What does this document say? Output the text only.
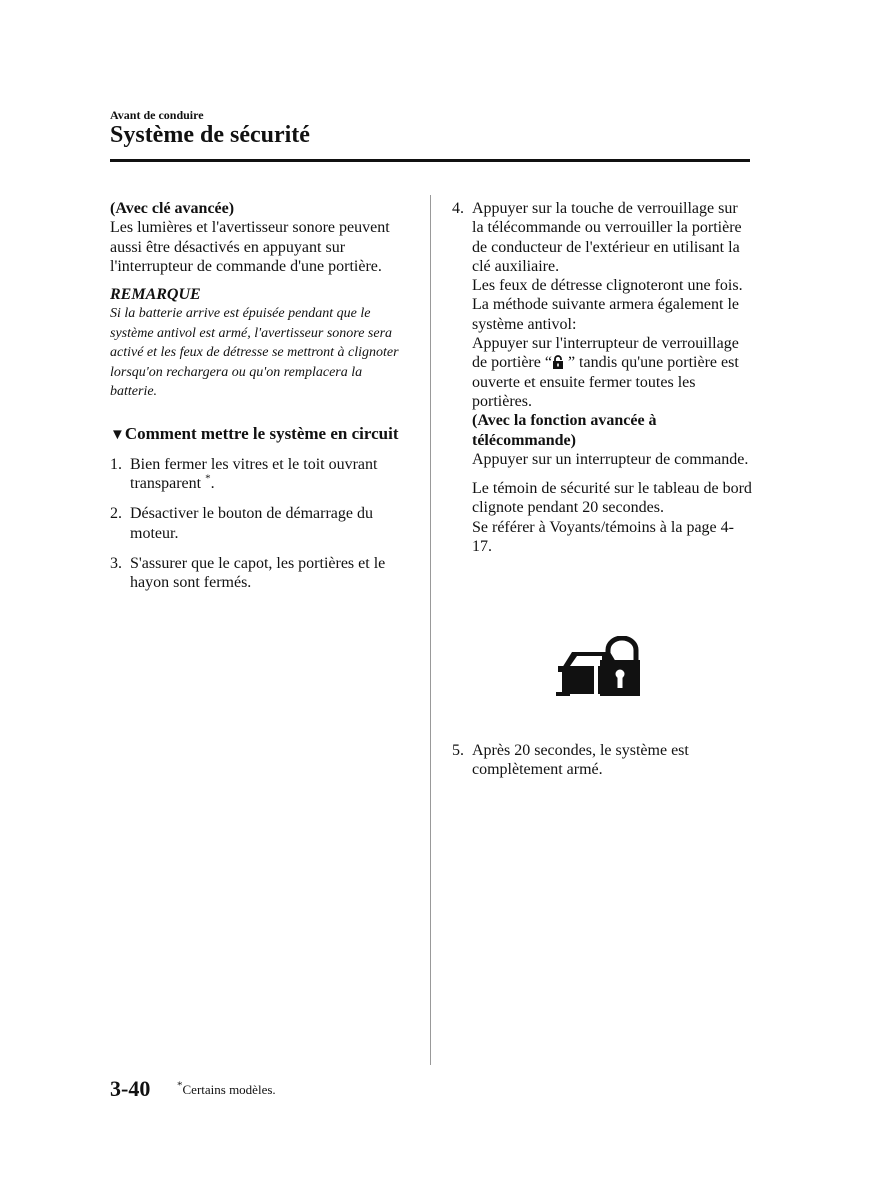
Avant de conduire
Système de sécurité
(Avec clé avancée)
Les lumières et l'avertisseur sonore peuvent aussi être désactivés en appuyant sur l'interrupteur de commande d'une portière.
REMARQUE
Si la batterie arrive est épuisée pendant que le système antivol est armé, l'avertisseur sonore sera activé et les feux de détresse se mettront à clignoter lorsqu'on rechargera ou qu'on remplacera la batterie.
▼Comment mettre le système en circuit
1. Bien fermer les vitres et le toit ouvrant transparent *.
2. Désactiver le bouton de démarrage du moteur.
3. S'assurer que le capot, les portières et le hayon sont fermés.
4. Appuyer sur la touche de verrouillage sur la télécommande ou verrouiller la portière de conducteur de l'extérieur en utilisant la clé auxiliaire.
Les feux de détresse clignoteront une fois.
La méthode suivante armera également le système antivol:
Appuyer sur l'interrupteur de verrouillage de portière “ ” tandis qu'une portière est ouverte et ensuite fermer toutes les portières.
(Avec la fonction avancée à télécommande)
Appuyer sur un interrupteur de commande.
Le témoin de sécurité sur le tableau de bord clignote pendant 20 secondes.
Se référer à Voyants/témoins à la page 4-17.
5. Après 20 secondes, le système est complètement armé.
3-40 *Certains modèles.
